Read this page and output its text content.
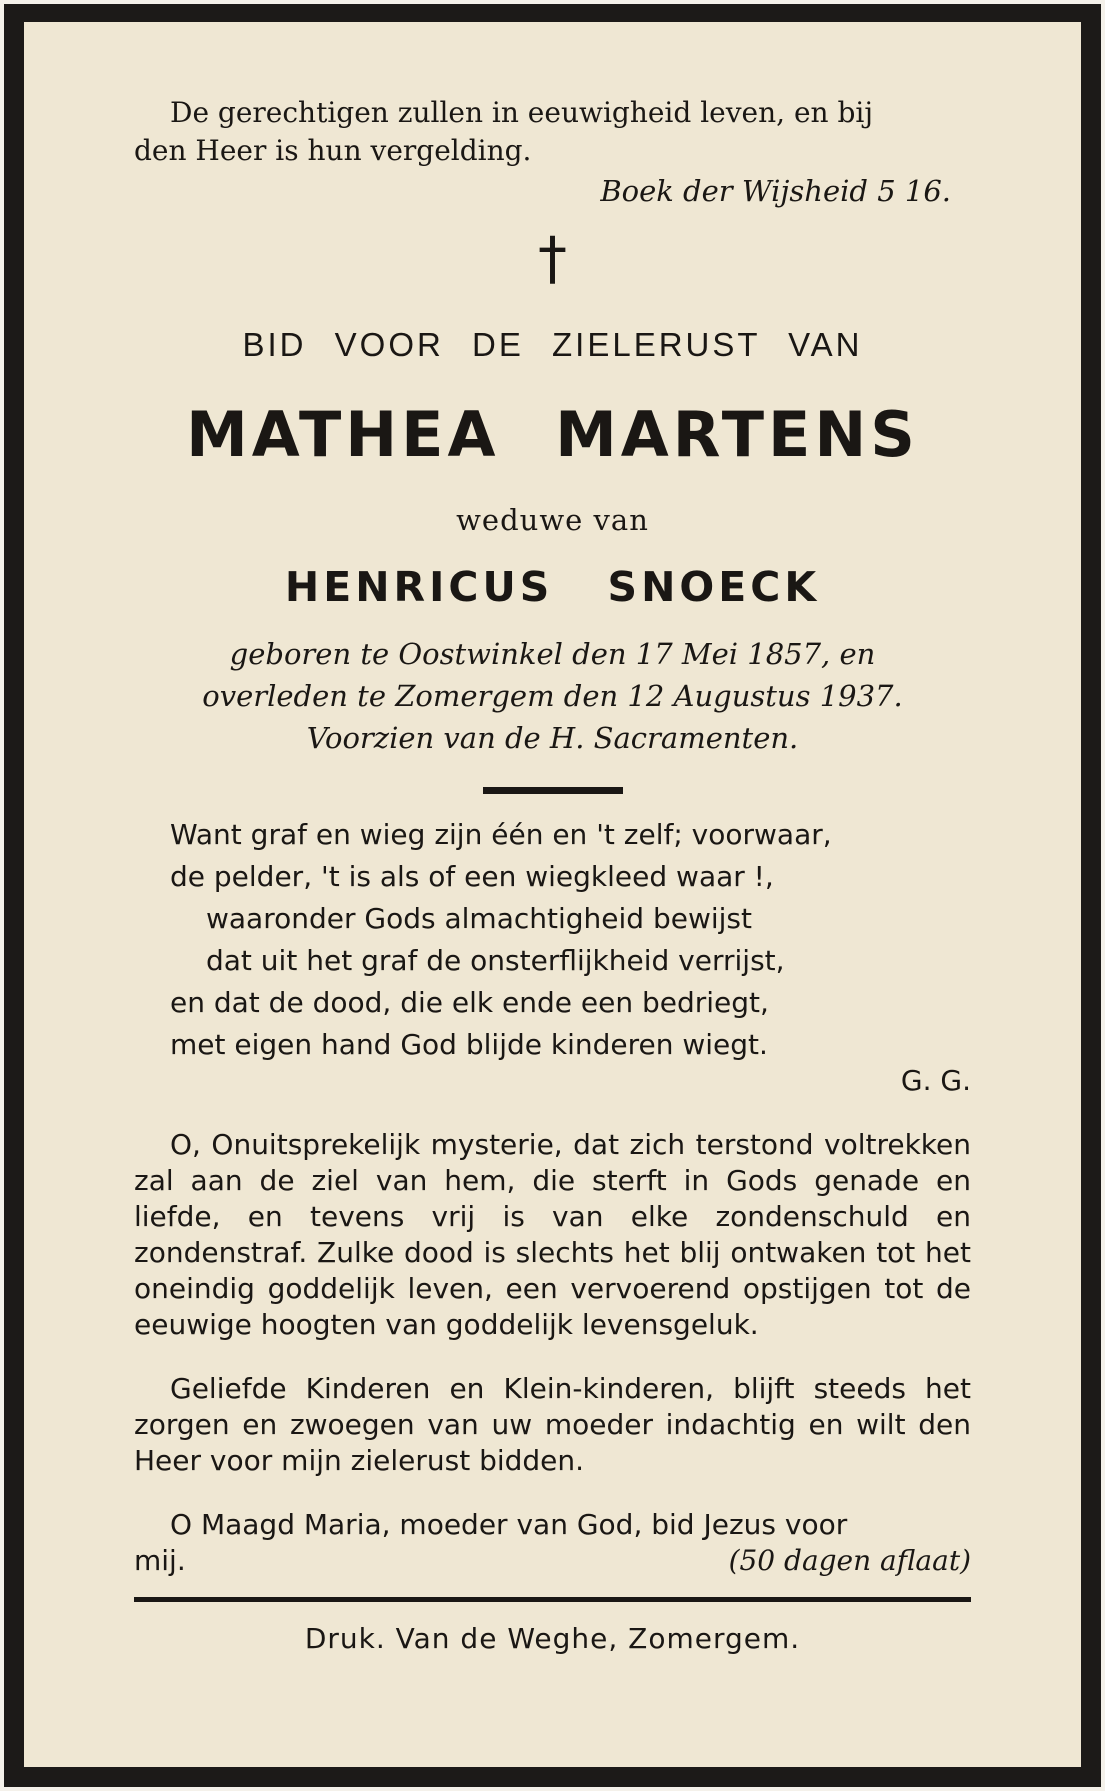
De gerechtigen zullen in eeuwigheid leven, en bij
den Heer is hun vergelding.
Boek der Wijsheid 5 16.
†
BID VOOR DE ZIELERUST VAN
MATHEA MARTENS
weduwe van
HENRICUS SNOECK
geboren te Oostwinkel den 17 Mei 1857, en
overleden te Zomergem den 12 Augustus 1937.
Voorzien van de H. Sacramenten.
Want graf en wieg zijn één en 't zelf; voorwaar,
de pelder, 't is als of een wiegkleed waar !,
waaronder Gods almachtigheid bewijst
dat uit het graf de onsterflijkheid verrijst,
en dat de dood, die elk ende een bedriegt,
met eigen hand God blijde kinderen wiegt.
G. G.
O, Onuitsprekelijk mysterie, dat zich terstond voltrekken zal aan de ziel van hem, die sterft in Gods genade en liefde, en tevens vrij is van elke zondenschuld en zondenstraf. Zulke dood is slechts het blij ontwaken tot het oneindig goddelijk leven, een vervoerend opstijgen tot de eeuwige hoogten van goddelijk levensgeluk.
Geliefde Kinderen en Klein-kinderen, blijft steeds het zorgen en zwoegen van uw moeder indachtig en wilt den Heer voor mijn zielerust bidden.
O Maagd Maria, moeder van God, bid Jezus voor
mij.	(50 dagen aflaat)
Druk. Van de Weghe, Zomergem.
